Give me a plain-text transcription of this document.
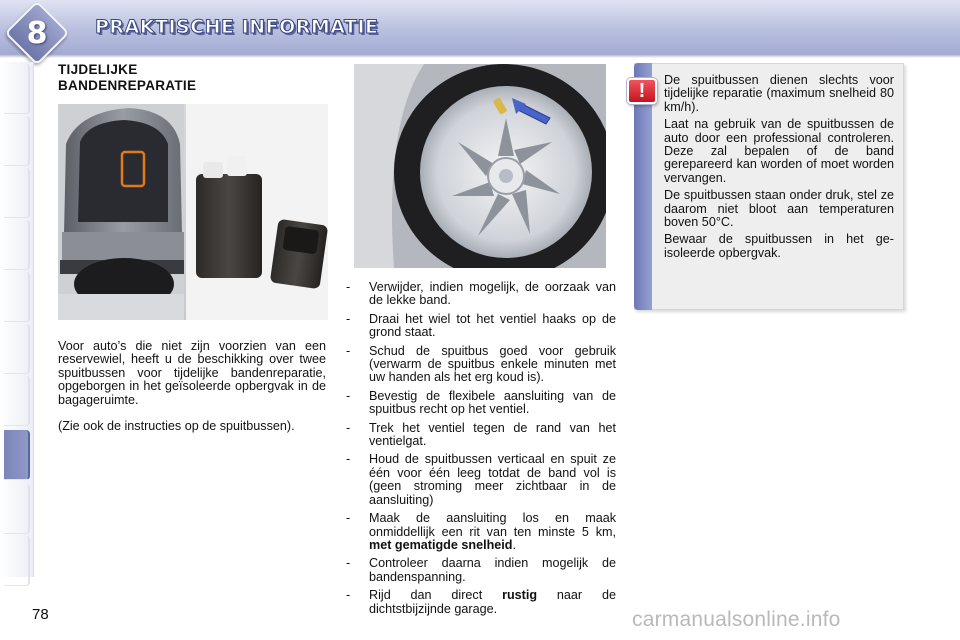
8	PRAKTISCHE INFORMATIE
TIJDELIJKE
BANDENREPARATIE
Voor auto’s die niet zijn voorzien van een reservewiel, heeft u de beschikking over twee spuitbussen voor tijdelijke bandenreparatie, opgeborgen in het geïsoleerde opbergvak in de bagageruimte.
(Zie ook de instructies op de spuitbussen).
- Verwijder, indien mogelijk, de oorzaak van de lekke band.
- Draai het wiel tot het ventiel haaks op de grond staat.
- Schud de spuitbus goed voor gebruik (verwarm de spuitbus enkele minuten met uw handen als het erg koud is).
- Bevestig de flexibele aansluiting van de spuitbus recht op het ventiel.
- Trek het ventiel tegen de rand van het ventielgat.
- Houd de spuitbussen verticaal en spuit ze één voor één leeg totdat de band vol is (geen stroming meer zichtbaar in de aansluiting)
- Maak de aansluiting los en maak onmiddellijk een rit van ten minste 5 km, met gematigde snelheid.
- Controleer daarna indien mogelijk de bandenspanning.
- Rijd dan direct rustig naar de dichtstbijzijnde garage.
!	De spuitbussen dienen slechts voor tijdelijke reparatie (maximum snelheid 80 km/h).

Laat na gebruik van de spuitbussen de auto door een professional controleren. Deze zal bepalen of de band gerepareerd kan worden of moet worden vervangen.

De spuitbussen staan onder druk, stel ze daarom niet bloot aan temperaturen boven 50°C.

Bewaar de spuitbussen in het geisoleerde opbergvak.

78	carmanualsonline.info
